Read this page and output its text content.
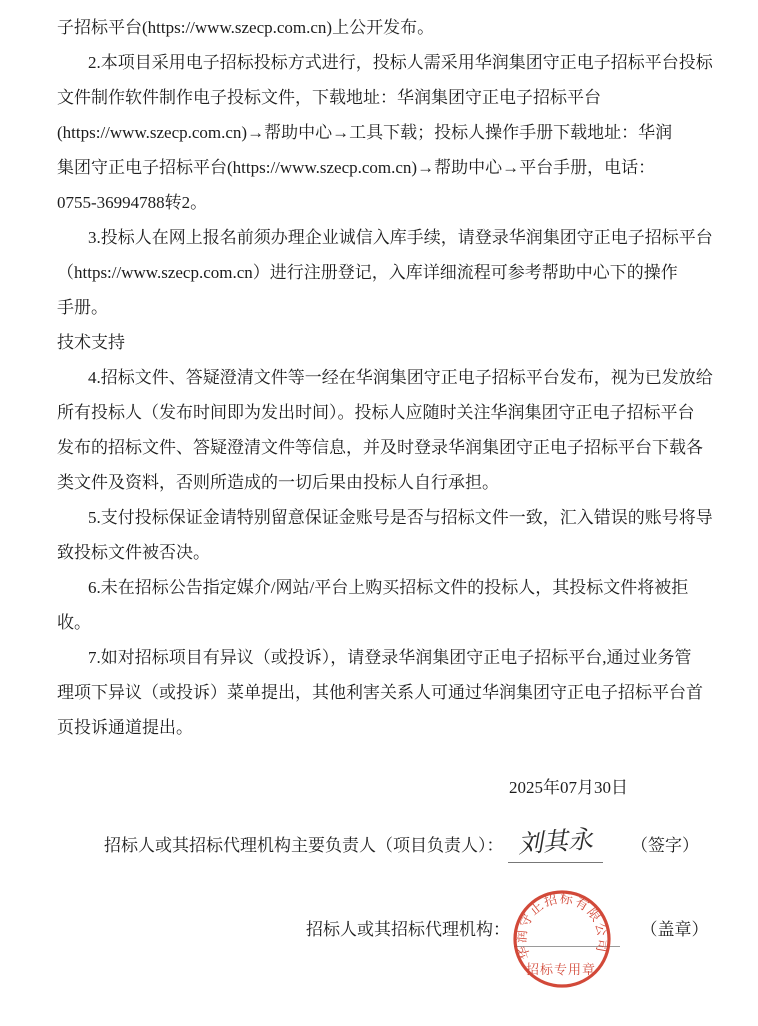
子招标平台(https://www.szecp.com.cn)上公开发布。
2.本项目采用电子招标投标方式进行，投标人需采用华润集团守正电子招标平台投标
文件制作软件制作电子投标文件，下载地址：华润集团守正电子招标平台
(https://www.szecp.com.cn)→帮助中心→工具下载；投标人操作手册下载地址：华润
集团守正电子招标平台(https://www.szecp.com.cn)→帮助中心→平台手册，电话：
0755-36994788转2。
3.投标人在网上报名前须办理企业诚信入库手续，请登录华润集团守正电子招标平台
（https://www.szecp.com.cn）进行注册登记，入库详细流程可参考帮助中心下的操作
手册。
技术支持
4.招标文件、答疑澄清文件等一经在华润集团守正电子招标平台发布，视为已发放给
所有投标人（发布时间即为发出时间）。投标人应随时关注华润集团守正电子招标平台
发布的招标文件、答疑澄清文件等信息，并及时登录华润集团守正电子招标平台下载各
类文件及资料，否则所造成的一切后果由投标人自行承担。
5.支付投标保证金请特别留意保证金账号是否与招标文件一致，汇入错误的账号将导
致投标文件被否决。
6.未在招标公告指定媒介/网站/平台上购买招标文件的投标人，其投标文件将被拒
收。
7.如对招标项目有异议（或投诉），请登录华润集团守正电子招标平台,通过业务管
理项下异议（或投诉）菜单提出，其他利害关系人可通过华润集团守正电子招标平台首
页投诉通道提出。
2025年07月30日
招标人或其招标代理机构主要负责人（项目负责人）： 刘其永 （签字）
招标人或其招标代理机构：	（盖章）
华润守正招标有限公司
招标专用章
